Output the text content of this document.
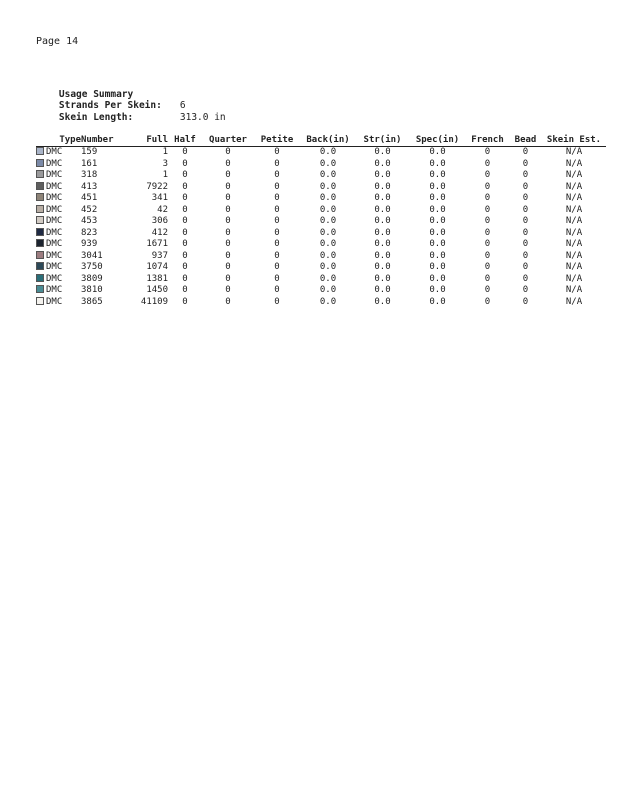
Page 14

Usage Summary

Strands Per Skein: 6

Skein Length:	313.0 in

Type	Number	Full	Half	Quarter	Petite	Back(in)	Str(in)	Spec(in)	French	Bead	Skein Est.
DMC	159	1	0	0	0	0.0	0.0	0.0	0	0	N/A
DMC	161	3	0	0	0	0.0	0.0	0.0	0	0	N/A
DMC	318	1	0	0	0	0.0	0.0	0.0	0	0	N/A
DMC	413	7922	0	0	0	0.0	0.0	0.0	0	0	N/A
DMC	451	341	0	0	0	0.0	0.0	0.0	0	0	N/A
DMC	452	42	0	0	0	0.0	0.0	0.0	0	0	N/A
DMC	453	306	0	0	0	0.0	0.0	0.0	0	0	N/A
DMC	823	412	0	0	0	0.0	0.0	0.0	0	0	N/A
DMC	939	1671	0	0	0	0.0	0.0	0.0	0	0	N/A
DMC	3041	937	0	0	0	0.0	0.0	0.0	0	0	N/A
DMC	3750	1074	0	0	0	0.0	0.0	0.0	0	0	N/A
DMC	3809	1381	0	0	0	0.0	0.0	0.0	0	0	N/A
DMC	3810	1450	0	0	0	0.0	0.0	0.0	0	0	N/A
DMC	3865	41109	0	0	0	0.0	0.0	0.0	0	0	N/A
